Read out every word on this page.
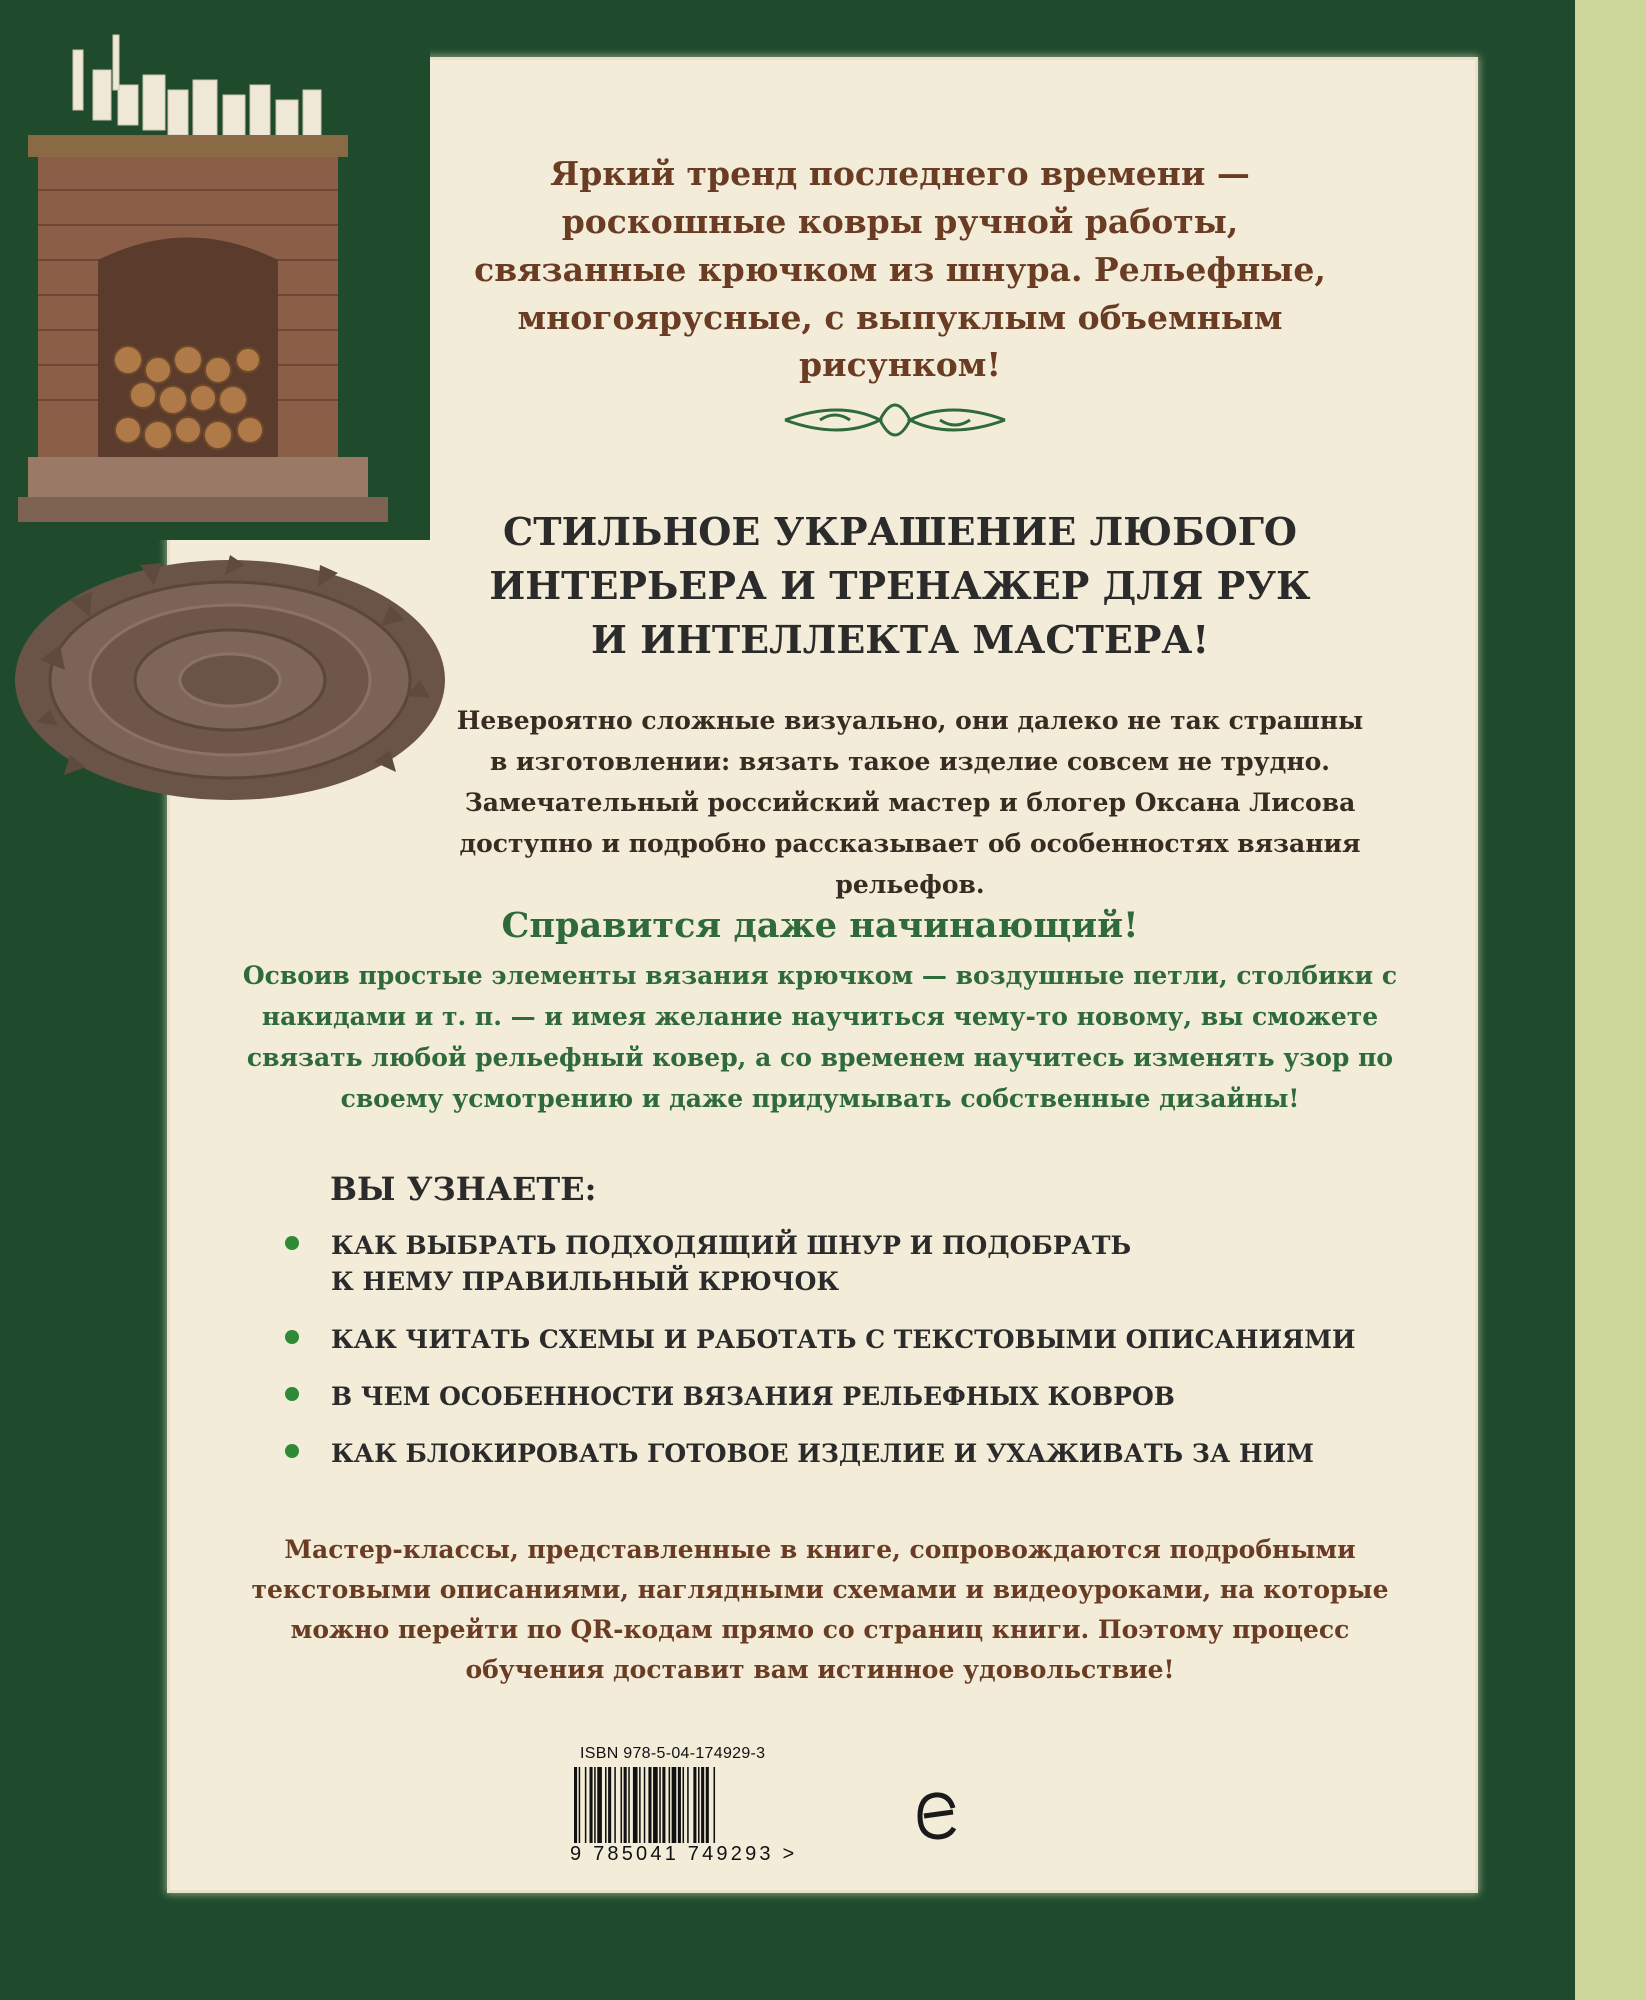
Яркий тренд последнего времени — роскошные ковры ручной работы, связанные крючком из шнура. Рельефные, многоярусные, с выпуклым объемным рисунком!
СТИЛЬНОЕ УКРАШЕНИЕ ЛЮБОГО ИНТЕРЬЕРА И ТРЕНАЖЕР ДЛЯ РУК И ИНТЕЛЛЕКТА МАСТЕРА!
Невероятно сложные визуально, они далеко не так страшны в изготовлении: вязать такое изделие совсем не трудно. Замечательный российский мастер и блогер Оксана Лисова доступно и подробно рассказывает об особенностях вязания рельефов.
Справится даже начинающий!
Освоив простые элементы вязания крючком — воздушные петли, столбики с накидами и т. п. — и имея желание научиться чему-то новому, вы сможете связать любой рельефный ковер, а со временем научитесь изменять узор по своему усмотрению и даже придумывать собственные дизайны!
ВЫ УЗНАЕТЕ:
КАК ВЫБРАТЬ ПОДХОДЯЩИЙ ШНУР И ПОДОБРАТЬ
К НЕМУ ПРАВИЛЬНЫЙ КРЮЧОК
КАК ЧИТАТЬ СХЕМЫ И РАБОТАТЬ С ТЕКСТОВЫМИ ОПИСАНИЯМИ
В ЧЕМ ОСОБЕННОСТИ ВЯЗАНИЯ РЕЛЬЕФНЫХ КОВРОВ
КАК БЛОКИРОВАТЬ ГОТОВОЕ ИЗДЕЛИЕ И УХАЖИВАТЬ ЗА НИМ
Мастер-классы, представленные в книге, сопровождаются подробными текстовыми описаниями, наглядными схемами и видеоуроками, на которые можно перейти по QR-кодам прямо со страниц книги. Поэтому процесс обучения доставит вам истинное удовольствие!
ISBN 978-5-04-174929-3
9 785041 749293 >
